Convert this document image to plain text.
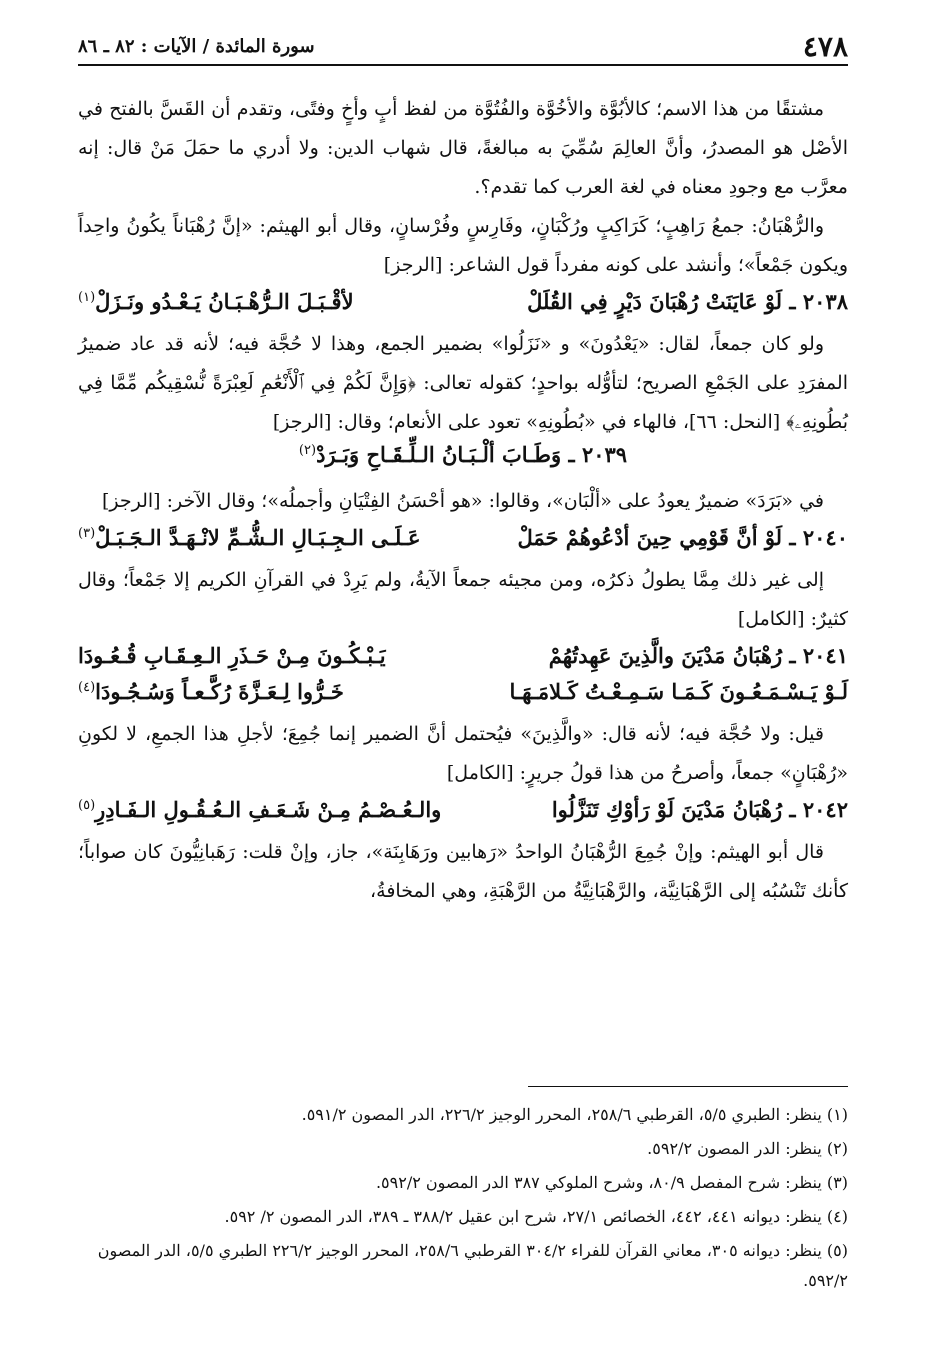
٤٧٨
سورة المائدة / الآيات : ٨٢ ـ ٨٦

مشتقًا من هذا الاسم؛ كالأبُوَّة والأخُوَّة والفُتُوَّة من لفظ أبٍ وأخٍ وفتًى، وتقدم أن القَسَّ بالفتح في الأصْل هو المصدرُ، وأنَّ العالِمَ سُمِّيَ به مبالغةً، قال شهاب الدين: ولا أدري ما حمَلَ مَنْ قال: إنه معرَّب مع وجودِ معناه في لغة العرب كما تقدم؟.

والرُّهْبَانُ: جمعُ رَاهِبٍ؛ كَرَاكِبٍ ورُكْبَانٍ، وفَارِسٍ وفُرْسانٍ، وقال أبو الهيثم: «إنَّ رُهْبَاناً يكُونُ واحِداً ويكون جَمْعاً»؛ وأنشد على كونه مفرداً قول الشاعر: [الرجز]

٢٠٣٨ ـ لَوْ عَايَنَتْ رُهْبَانَ دَيْرٍ فِي القُلَلْ
لأقْـبَـلَ الـرُّهْـبَـانُ يَـعْـدُو ونَـزَلْ$^{(١)}$

ولو كان جمعاً، لقال: «يَعْدُونَ» و «نَزَلُوا» بضمير الجمع، وهذا لا حُجَّة فيه؛ لأنه قد عاد ضميرُ المفرَدِ على الجَمْعِ الصريح؛ لتأوُّله بواحدٍ؛ كقوله تعالى: ﴿وَإِنَّ لَكُمْ فِي ٱلْأَنْعَٰمِ لَعِبْرَةً نُّسْقِيكُم مِّمَّا فِي بُطُونِهِۦ﴾ [النحل: ٦٦]، فالهاء في «بُطُونِهِ» تعود على الأنعام؛ وقال: [الرجز]

٢٠٣٩ ـ وَطَـابَ ألْـبَـانُ الـلِّـقَـاحِ وَبَـرَدْ$^{(٢)}$

في «بَرَدَ» ضميرٌ يعودُ على «ألْبَان»، وقالوا: «هو أحْسَنُ الفِتْيَانِ وأجملُه»؛ وقال الآخر: [الرجز]

٢٠٤٠ ـ لَوْ أنَّ قَوْمِي حِينَ أدْعُوهُمْ حَمَلْ
عَـلَـى الـجِـبَـالِ الـشُّـمِّ لانْـهَـدَّ الـجَـبَـلْ$^{(٣)}$

إلى غير ذلك مِمَّا يطولُ ذكرُه، ومن مجيئه جمعاً الآيةُ، ولم يَرِدْ في القرآنِ الكريم إلا جَمْعاً؛ وقال كثيرٌ: [الكامل]

٢٠٤١ ـ رُهْبَانُ مَدْيَنَ والَّذِينَ عَهِدتُهُمْ
يَـبْـكُـونَ مِـنْ حَـذَرِ الـعِـقَـابِ قُـعُـودَا
لَـوْ يَـسْـمَـعُـونَ كَـمَـا سَـمِـعْـتُ كَـلامَـهَـا
خَـرُّوا لِـعَـزَّةَ رُكَّـعـاً وَسُـجُـودَا$^{(٤)}$

قيل: ولا حُجَّة فيه؛ لأنه قال: «والَّذِينَ» فيُحتمل أنَّ الضمير إنما جُمِعَ؛ لأجلِ هذا الجمعِ، لا لكونِ «رُهْبَانٍ» جمعاً، وأصرحُ من هذا قولُ جريرٍ: [الكامل]

٢٠٤٢ ـ رُهْبَانُ مَدْيَنَ لَوْ رَأوْكِ تَنَزَّلُوا
والـعُـصْـمُ مِـنْ شَـعَـفِ الـعُـقُـولِ الـفَـادِرِ$^{(٥)}$

قال أبو الهيثم: وإنْ جُمِعَ الرُّهْبَانُ الواحدُ «رَهابين ورَهَابِنَة»، جاز، وإنْ قلت: رَهَبانِيُّونَ كان صواباً؛ كأنك تَنْسُبُه إلى الرَّهْبَانِيَّة، والرَّهْبَانِيَّةُ من الرَّهْبَةِ، وهي المخافةُ،

(١) ينظر: الطبري ٥/٥، القرطبي ٢٥٨/٦، المحرر الوجيز ٢٢٦/٢، الدر المصون ٥٩١/٢.

(٢) ينظر: الدر المصون ٥٩٢/٢.

(٣) ينظر: شرح المفصل ٨٠/٩، وشرح الملوكي ٣٨٧ الدر المصون ٥٩٢/٢.

(٤) ينظر: ديوانه ٤٤١، ٤٤٢، الخصائص ٢٧/١، شرح ابن عقيل ٣٨٨/٢ ـ ٣٨٩، الدر المصون ٢/ ٥٩٢.

(٥) ينظر: ديوانه ٣٠٥، معاني القرآن للفراء ٣٠٤/٢ القرطبي ٢٥٨/٦، المحرر الوجيز ٢٢٦/٢ الطبري ٥/٥، الدر المصون ٥٩٢/٢.
